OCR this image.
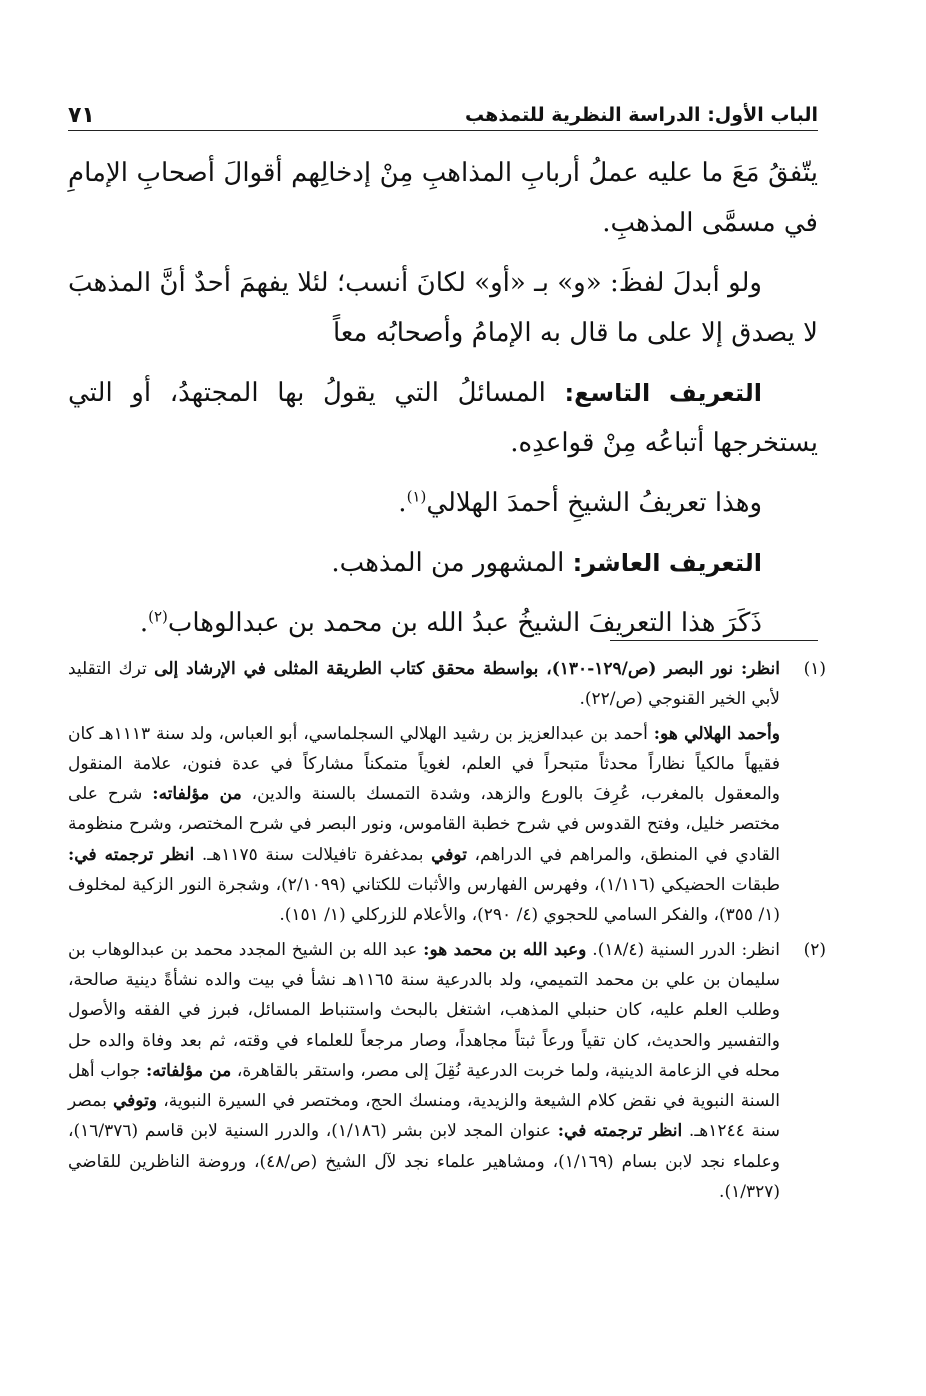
الباب الأول: الدراسة النظرية للتمذهب
٧١

يتّفقُ مَعَ ما عليه عملُ أربابِ المذاهبِ مِنْ إدخالِهم أقوالَ أصحابِ الإمامِ في مسمَّى المذهبِ.

ولو أبدلَ لفظَ: «و» بـ «أو» لكانَ أنسب؛ لئلا يفهمَ أحدٌ أنَّ المذهبَ لا يصدق إلا على ما قال به الإمامُ وأصحابُه معاً

التعريف التاسع: المسائلُ التي يقولُ بها المجتهدُ، أو التي يستخرجها أتباعُه مِنْ قواعدِه.

وهذا تعريفُ الشيخِ أحمدَ الهلالي$^{(١)}$.

التعريف العاشر: المشهور من المذهب.

ذَكَرَ هذا التعريفَ الشيخُ عبدُ الله بن محمد بن عبدالوهاب$^{(٢)}$.

(١)

انظر: نور البصر (ص/١٢٩-١٣٠)، بواسطة محقق كتاب الطريقة المثلى في الإرشاد إلى ترك التقليد لأبي الخير القنوجي (ص/٢٢).

وأحمد الهلالي هو: أحمد بن عبدالعزيز بن رشيد الهلالي السجلماسي، أبو العباس، ولد سنة ١١١٣هـ كان فقيهاً مالكياً نظاراً محدثاً متبحراً في العلم، لغوياً متمكناً مشاركاً في عدة فنون، علامة المنقول والمعقول بالمغرب، عُرِفَ بالورع والزهد، وشدة التمسك بالسنة والدين، من مؤلفاته: شرح على مختصر خليل، وفتح القدوس في شرح خطبة القاموس، ونور البصر في شرح المختصر، وشرح منظومة القادي في المنطق، والمراهم في الدراهم، توفي بمدغفرة تافيلالت سنة ١١٧٥هـ. انظر ترجمته في: طبقات الحضيكي (١/١١٦)، وفهرس الفهارس والأثبات للكتاني (٢/١٠٩٩)، وشجرة النور الزكية لمخلوف (١/ ٣٥٥)، والفكر السامي للحجوي (٤/ ٢٩٠)، والأعلام للزركلي (١/ ١٥١).

(٢)

انظر: الدرر السنية (١٨/٤). وعبد الله بن محمد هو: عبد الله بن الشيخ المجدد محمد بن عبدالوهاب بن سليمان بن علي بن محمد التميمي، ولد بالدرعية سنة ١١٦٥هـ نشأ في بيت والده نشأةً دينية صالحة، وطلب العلم عليه، كان حنبلي المذهب، اشتغل بالبحث واستنباط المسائل، فبرز في الفقه والأصول والتفسير والحديث، كان تقياً ورعاً ثبتاً مجاهداً، وصار مرجعاً للعلماء في وقته، ثم بعد وفاة والده حل محله في الزعامة الدينية، ولما خربت الدرعية نُقِلَ إلى مصر، واستقر بالقاهرة، من مؤلفاته: جواب أهل السنة النبوية في نقض كلام الشيعة والزيدية، ومنسك الحج، ومختصر في السيرة النبوية، وتوفي بمصر سنة ١٢٤٤هـ. انظر ترجمته في: عنوان المجد لابن بشر (١/١٨٦)، والدرر السنية لابن قاسم (١٦/٣٧٦)، وعلماء نجد لابن بسام (١/١٦٩)، ومشاهير علماء نجد لآل الشيخ (ص/٤٨)، وروضة الناظرين للقاضي (١/٣٢٧).
